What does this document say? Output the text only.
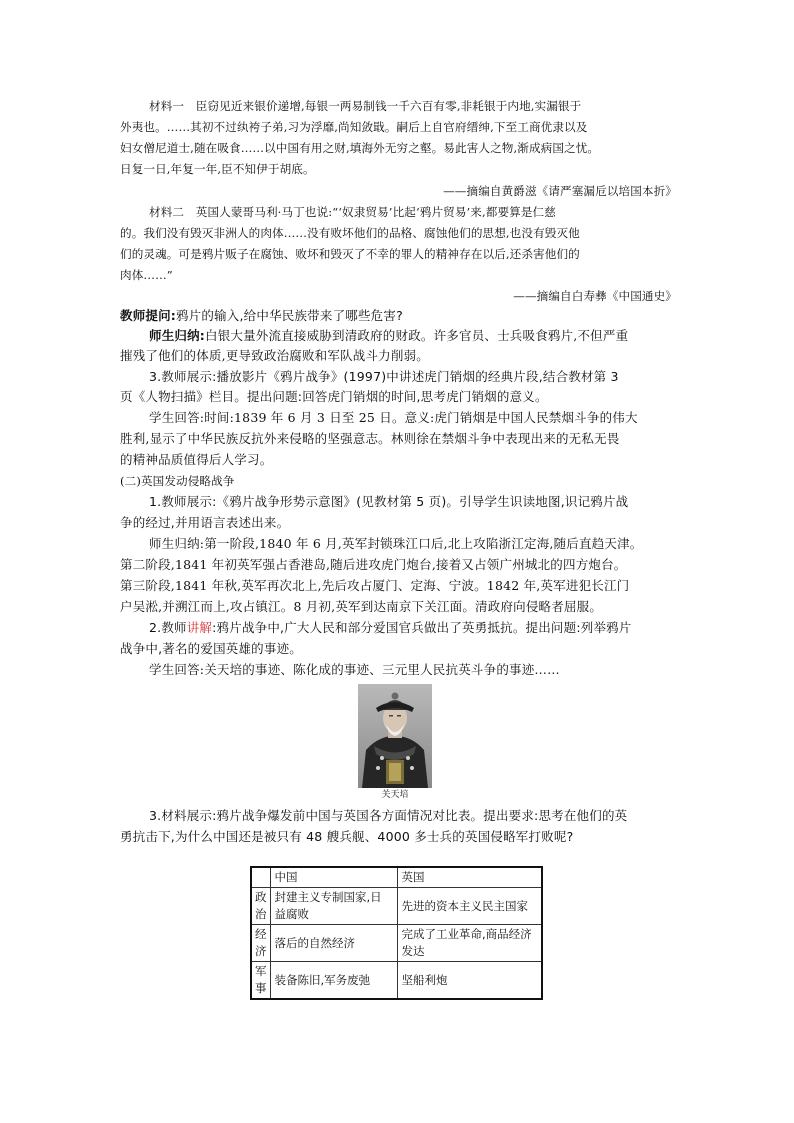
材料一　臣窃见近来银价递增,每银一两易制钱一千六百有零,非耗银于内地,实漏银于
外夷也。……其初不过纨袴子弟,习为浮靡,尚知敛戢。嗣后上自官府缙绅,下至工商优隶以及
妇女僧尼道士,随在吸食……以中国有用之财,填海外无穷之壑。易此害人之物,渐成病国之忧。
日复一日,年复一年,臣不知伊于胡底。
——摘编自黄爵滋《请严塞漏卮以培国本折》
材料二　英国人蒙哥马利·马丁也说:“‘奴隶贸易’比起‘鸦片贸易’来,都要算是仁慈
的。我们没有毁灭非洲人的肉体……没有败坏他们的品格、腐蚀他们的思想,也没有毁灭他
们的灵魂。可是鸦片贩子在腐蚀、败坏和毁灭了不幸的罪人的精神存在以后,还杀害他们的
肉体……”
——摘编自白寿彝《中国通史》
教师提问:鸦片的输入,给中华民族带来了哪些危害?
师生归纳:白银大量外流直接威胁到清政府的财政。许多官员、士兵吸食鸦片,不但严重
摧残了他们的体质,更导致政治腐败和军队战斗力削弱。
3.教师展示:播放影片《鸦片战争》(1997)中讲述虎门销烟的经典片段,结合教材第 3
页《人物扫描》栏目。提出问题:回答虎门销烟的时间,思考虎门销烟的意义。
学生回答:时间:1839 年 6 月 3 日至 25 日。意义:虎门销烟是中国人民禁烟斗争的伟大
胜利,显示了中华民族反抗外来侵略的坚强意志。林则徐在禁烟斗争中表现出来的无私无畏
的精神品质值得后人学习。
(二)英国发动侵略战争
1.教师展示:《鸦片战争形势示意图》(见教材第 5 页)。引导学生识读地图,识记鸦片战
争的经过,并用语言表述出来。
师生归纳:第一阶段,1840 年 6 月,英军封锁珠江口后,北上攻陷浙江定海,随后直趋天津。
第二阶段,1841 年初英军强占香港岛,随后进攻虎门炮台,接着又占领广州城北的四方炮台。
第三阶段,1841 年秋,英军再次北上,先后攻占厦门、定海、宁波。1842 年,英军进犯长江门
户吴淞,并溯江而上,攻占镇江。8 月初,英军到达南京下关江面。清政府向侵略者屈服。
2.教师讲解:鸦片战争中,广大人民和部分爱国官兵做出了英勇抵抗。提出问题:列举鸦片
战争中,著名的爱国英雄的事迹。
学生回答:关天培的事迹、陈化成的事迹、三元里人民抗英斗争的事迹……
关天培
3.材料展示:鸦片战争爆发前中国与英国各方面情况对比表。提出要求:思考在他们的英
勇抗击下,为什么中国还是被只有 48 艘兵舰、4000 多士兵的英国侵略军打败呢?
	中国	英国
政治	封建主义专制国家,日益腐败	先进的资本主义民主国家
经济	落后的自然经济	完成了工业革命,商品经济发达
军事	装备陈旧,军务废弛	坚船利炮
